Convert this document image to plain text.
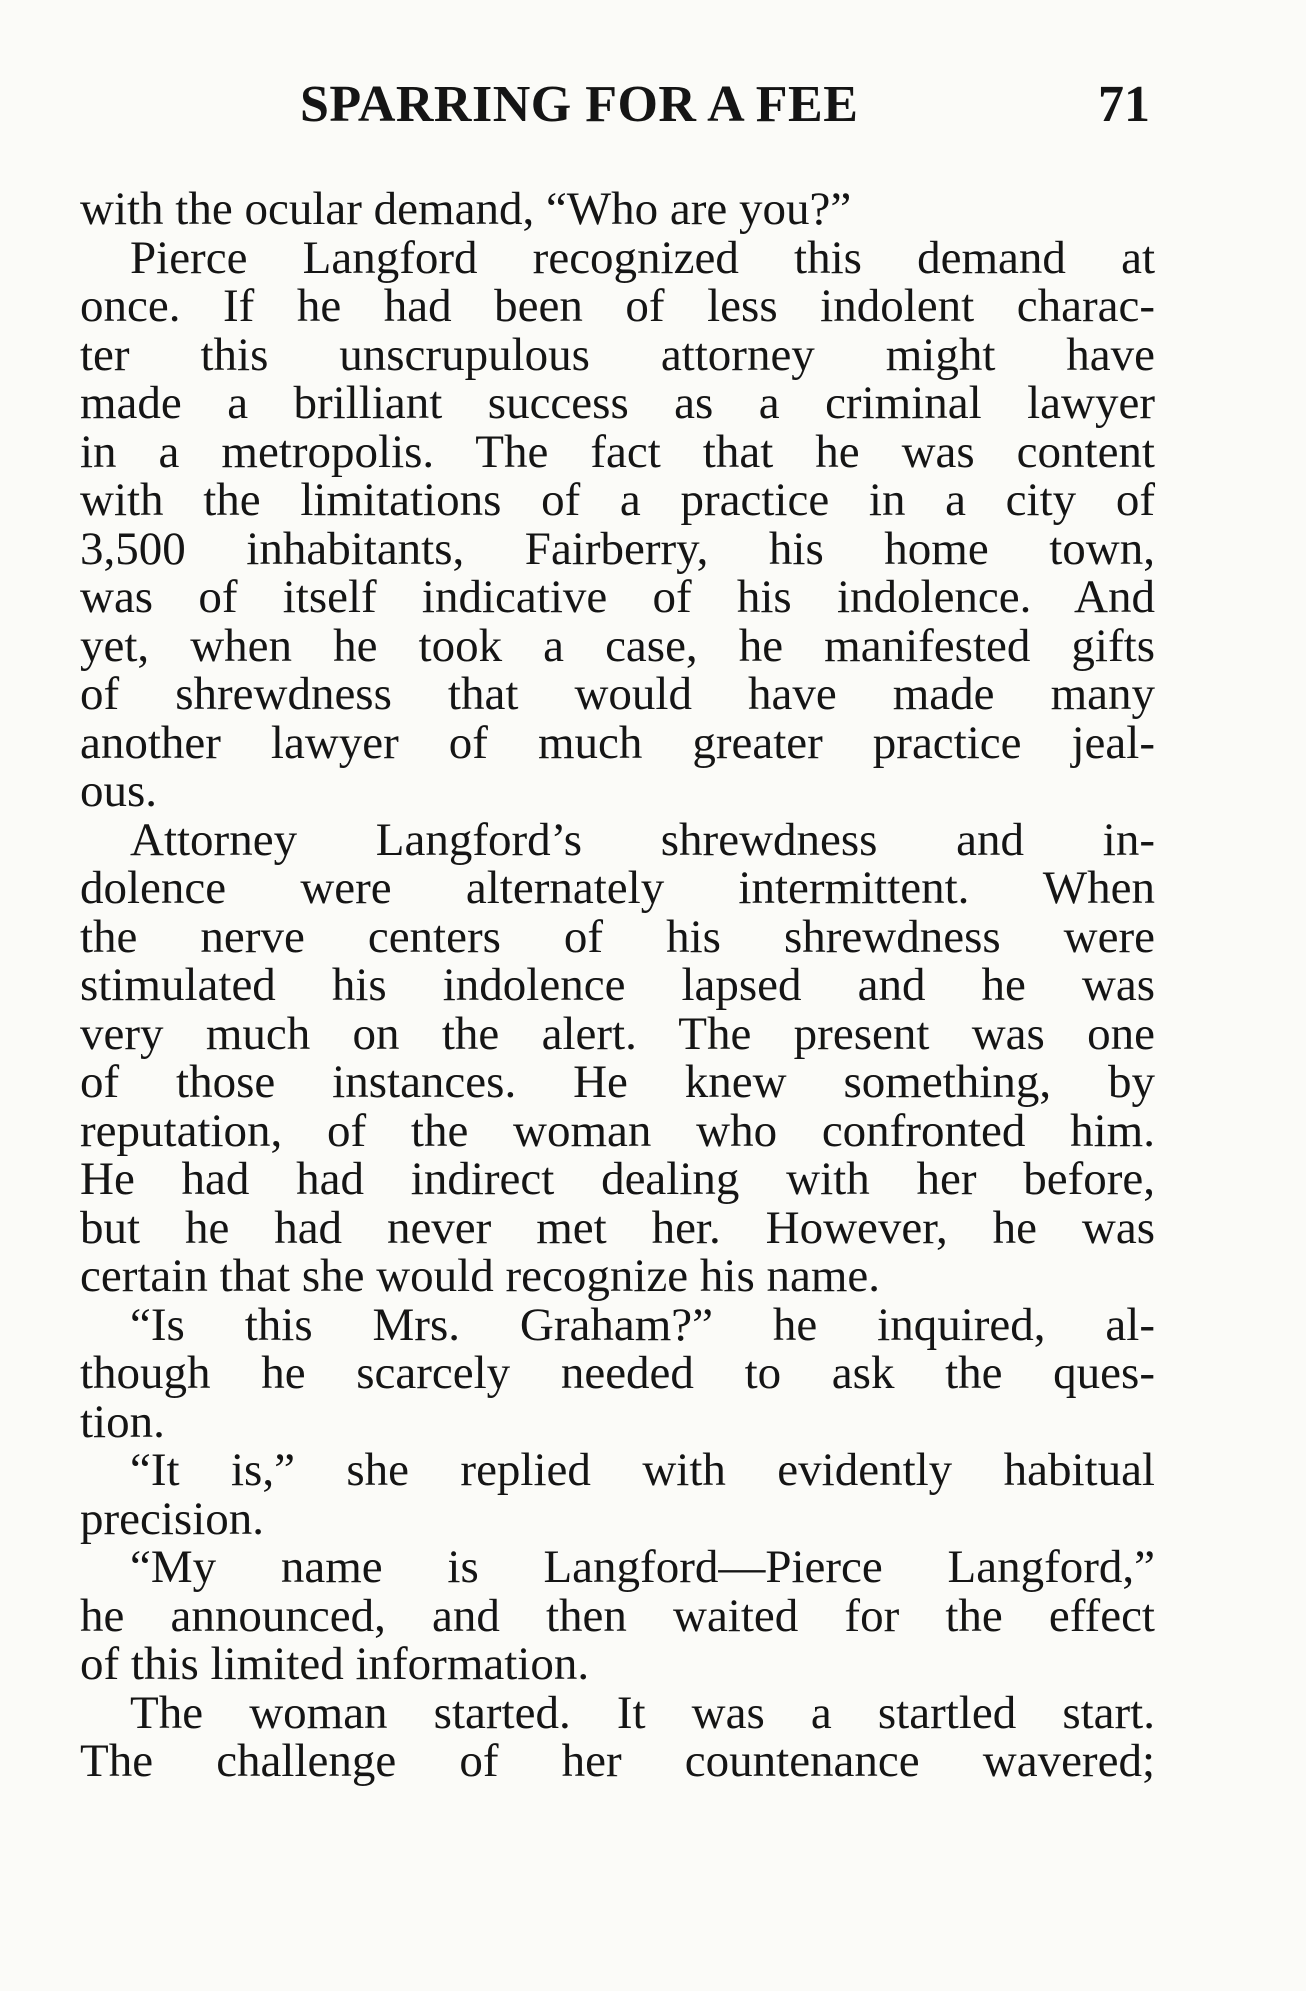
SPARRING FOR A FEE	71
with the ocular demand, “Who are you?”
Pierce Langford recognized this demand at
once. If he had been of less indolent charac-
ter this unscrupulous attorney might have
made a brilliant success as a criminal lawyer
in a metropolis. The fact that he was content
with the limitations of a practice in a city of
3,500 inhabitants, Fairberry, his home town,
was of itself indicative of his indolence. And
yet, when he took a case, he manifested gifts
of shrewdness that would have made many
another lawyer of much greater practice jeal-
ous.
Attorney Langford’s shrewdness and in-
dolence were alternately intermittent. When
the nerve centers of his shrewdness were
stimulated his indolence lapsed and he was
very much on the alert. The present was one
of those instances. He knew something, by
reputation, of the woman who confronted him.
He had had indirect dealing with her before,
but he had never met her. However, he was
certain that she would recognize his name.
“Is this Mrs. Graham?” he inquired, al-
though he scarcely needed to ask the ques-
tion.
“It is,” she replied with evidently habitual
precision.
“My name is Langford—Pierce Langford,”
he announced, and then waited for the effect
of this limited information.
The woman started. It was a startled start.
The challenge of her countenance wavered;
